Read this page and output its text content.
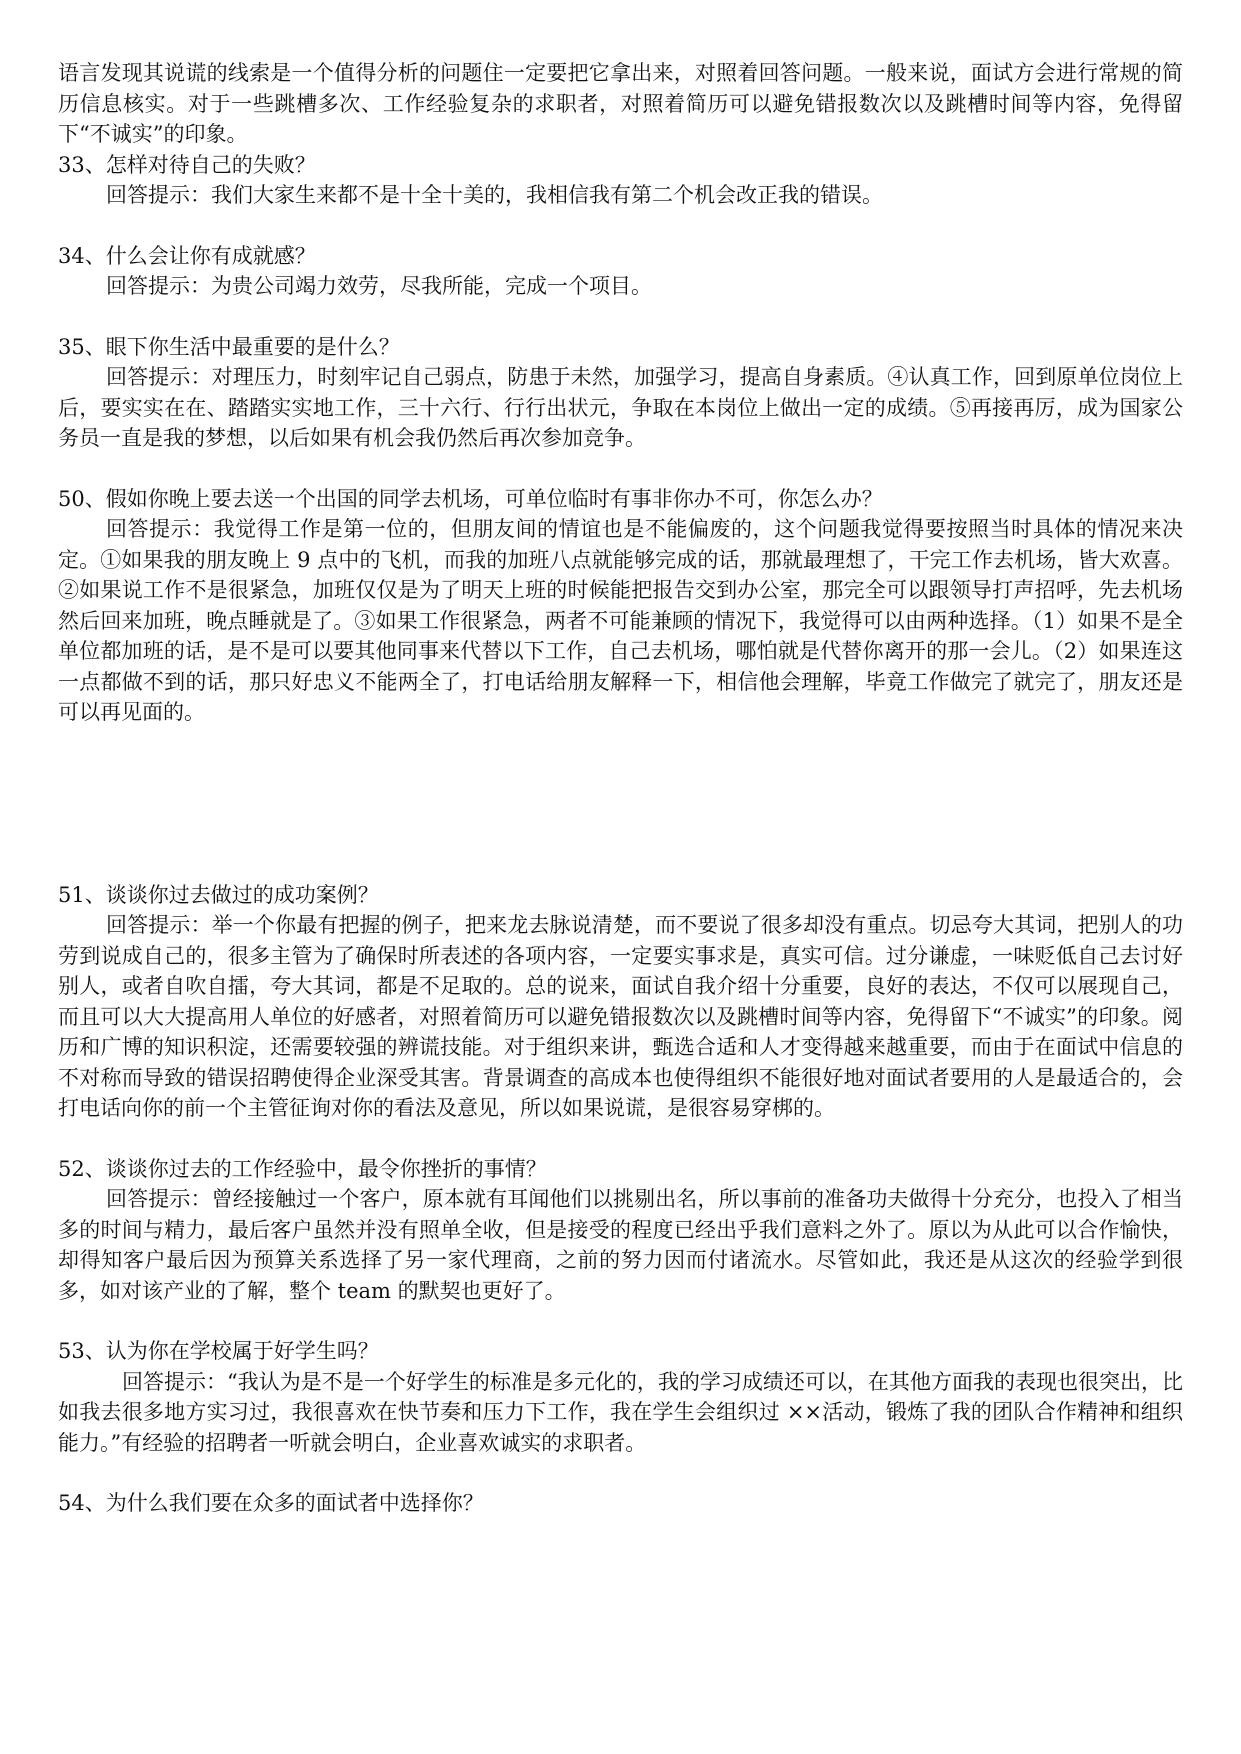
语言发现其说谎的线索是一个值得分析的问题住一定要把它拿出来，对照着回答问题。一般来说，面试方会进行常规的简历信息核实。对于一些跳槽多次、工作经验复杂的求职者，对照着简历可以避免错报数次以及跳槽时间等内容，免得留下“不诚实”的印象。

33、怎样对待自己的失败？

回答提示：我们大家生来都不是十全十美的，我相信我有第二个机会改正我的错误。

34、什么会让你有成就感？

回答提示：为贵公司竭力效劳，尽我所能，完成一个项目。

35、眼下你生活中最重要的是什么？

回答提示：对理压力，时刻牢记自己弱点，防患于未然，加强学习，提高自身素质。④认真工作，回到原单位岗位上后，要实实在在、踏踏实实地工作，三十六行、行行出状元，争取在本岗位上做出一定的成绩。⑤再接再厉，成为国家公务员一直是我的梦想，以后如果有机会我仍然后再次参加竞争。

50、假如你晚上要去送一个出国的同学去机场，可单位临时有事非你办不可，你怎么办？

回答提示：我觉得工作是第一位的，但朋友间的情谊也是不能偏废的，这个问题我觉得要按照当时具体的情况来决定。①如果我的朋友晚上 9 点中的飞机，而我的加班八点就能够完成的话，那就最理想了，干完工作去机场，皆大欢喜。②如果说工作不是很紧急，加班仅仅是为了明天上班的时候能把报告交到办公室，那完全可以跟领导打声招呼，先去机场然后回来加班，晚点睡就是了。③如果工作很紧急，两者不可能兼顾的情况下，我觉得可以由两种选择。（1）如果不是全单位都加班的话，是不是可以要其他同事来代替以下工作，自己去机场，哪怕就是代替你离开的那一会儿。（2）如果连这一点都做不到的话，那只好忠义不能两全了，打电话给朋友解释一下，相信他会理解，毕竟工作做完了就完了，朋友还是可以再见面的。

51、谈谈你过去做过的成功案例？

回答提示：举一个你最有把握的例子，把来龙去脉说清楚，而不要说了很多却没有重点。切忌夸大其词，把别人的功劳到说成自己的，很多主管为了确保时所表述的各项内容，一定要实事求是，真实可信。过分谦虚，一味贬低自己去讨好别人，或者自吹自擂，夸大其词，都是不足取的。总的说来，面试自我介绍十分重要，良好的表达，不仅可以展现自己，而且可以大大提高用人单位的好感者，对照着简历可以避免错报数次以及跳槽时间等内容，免得留下“不诚实”的印象。阅历和广博的知识积淀，还需要较强的辨谎技能。对于组织来讲，甄选合适和人才变得越来越重要，而由于在面试中信息的不对称而导致的错误招聘使得企业深受其害。背景调查的高成本也使得组织不能很好地对面试者要用的人是最适合的，会打电话向你的前一个主管征询对你的看法及意见，所以如果说谎，是很容易穿梆的。

52、谈谈你过去的工作经验中，最令你挫折的事情？

回答提示：曾经接触过一个客户，原本就有耳闻他们以挑剔出名，所以事前的准备功夫做得十分充分，也投入了相当多的时间与精力，最后客户虽然并没有照单全收，但是接受的程度已经出乎我们意料之外了。原以为从此可以合作愉快，却得知客户最后因为预算关系选择了另一家代理商，之前的努力因而付诸流水。尽管如此，我还是从这次的经验学到很多，如对该产业的了解，整个 team 的默契也更好了。

53、认为你在学校属于好学生吗？

回答提示：“我认为是不是一个好学生的标准是多元化的，我的学习成绩还可以，在其他方面我的表现也很突出，比如我去很多地方实习过，我很喜欢在快节奏和压力下工作，我在学生会组织过 ××活动，锻炼了我的团队合作精神和组织能力。”有经验的招聘者一听就会明白，企业喜欢诚实的求职者。

54、为什么我们要在众多的面试者中选择你？
